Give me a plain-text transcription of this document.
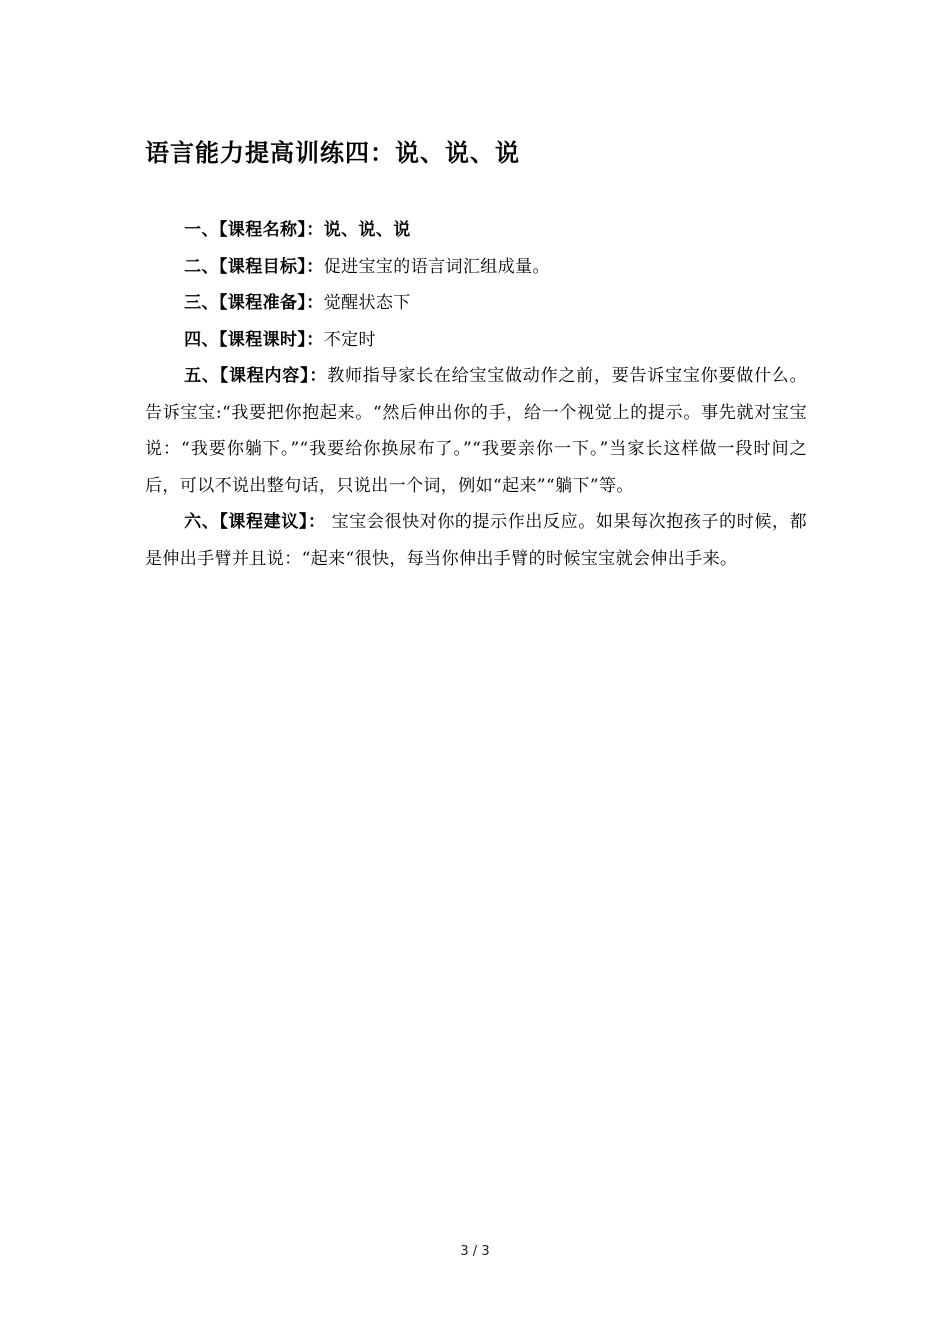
语言能力提高训练四：说、说、说

一、【课程名称】：说、说、说

二、【课程目标】：促进宝宝的语言词汇组成量。

三、【课程准备】：觉醒状态下

四、【课程课时】：不定时

五、【课程内容】：教师指导家长在给宝宝做动作之前，要告诉宝宝你要做什么。告诉宝宝:“我要把你抱起来。“然后伸出你的手，给一个视觉上的提示。事先就对宝宝说：“我要你躺下。”“我要给你换尿布了。”“我要亲你一下。”当家长这样做一段时间之后，可以不说出整句话，只说出一个词，例如“起来”“躺下”等。

六、【课程建议】： 宝宝会很快对你的提示作出反应。如果每次抱孩子的时候，都是伸出手臂并且说：“起来“很快，每当你伸出手臂的时候宝宝就会伸出手来。

3 / 3
